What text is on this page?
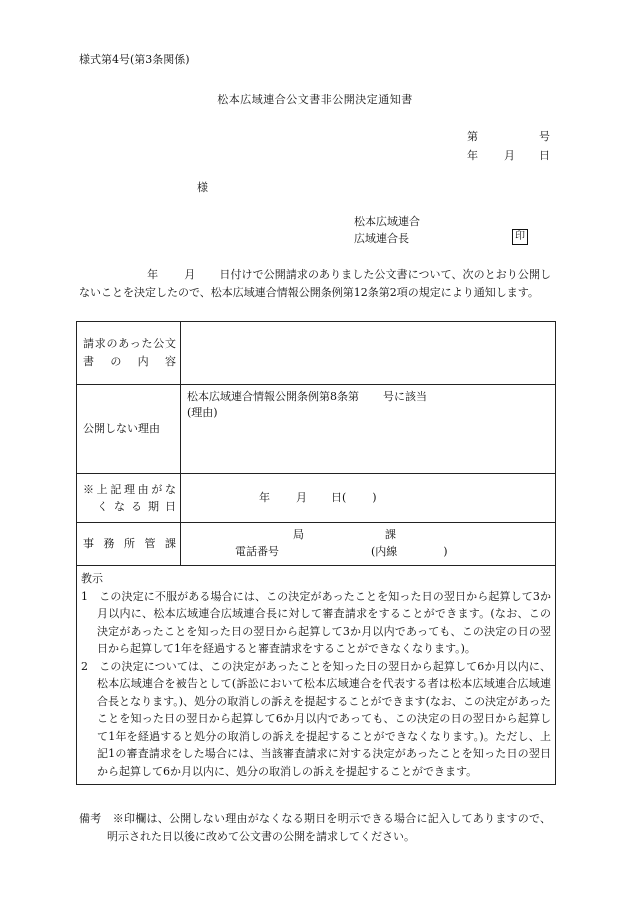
様式第4号(第3条関係)
松本広域連合公文書非公開決定通知書
第	号
年 月 日
様
松本広域連合
広域連合長	印
年 月 日付けで公開請求のありました公文書について、次のとおり公開しないことを決定したので、松本広域連合情報公開条例第12条第2項の規定により通知します。
請求のあった公文書の内容	

公開しない理由	松本広域連合情報公開条例第8条第 号に該当
(理由)

※上記理由がな
くなる期日	年 月 日( )

事務所管課	局 課
電話番号 (内線 )

教示
1　この決定に不服がある場合には、この決定があったことを知った日の翌日から起算して3か月以内に、松本広域連合広域連合長に対して審査請求をすることができます。(なお、この決定があったことを知った日の翌日から起算して3か月以内であっても、この決定の日の翌日から起算して1年を経過すると審査請求をすることができなくなります。)。
2　この決定については、この決定があったことを知った日の翌日から起算して6か月以内に、松本広域連合を被告として(訴訟において松本広域連合を代表する者は松本広域連合広域連合長となります。)、処分の取消しの訴えを提起することができます(なお、この決定があったことを知った日の翌日から起算して6か月以内であっても、この決定の日の翌日から起算して1年を経過すると処分の取消しの訴えを提起することができなくなります。)。ただし、上記1の審査請求をした場合には、当該審査請求に対する決定があったことを知った日の翌日から起算して6か月以内に、処分の取消しの訴えを提起することができます。	
備考　※印欄は、公開しない理由がなくなる期日を明示できる場合に記入してありますので、明示された日以後に改めて公文書の公開を請求してください。
